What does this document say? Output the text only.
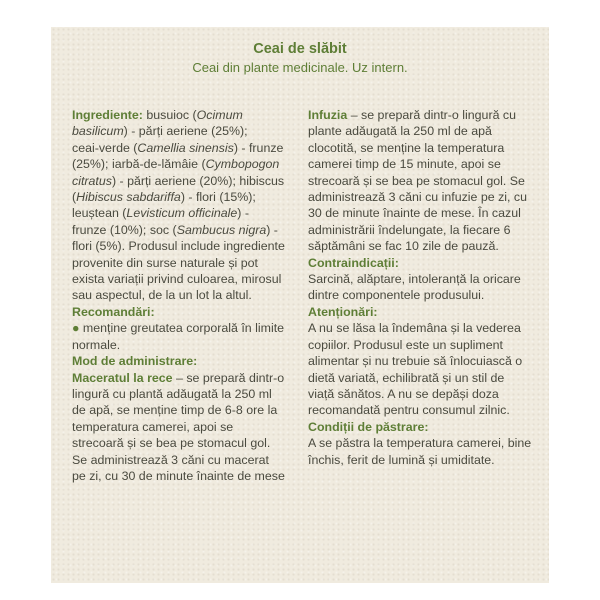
Ceai de slăbit
Ceai din plante medicinale. Uz intern.

Ingrediente: busuioc (Ocimum basilicum) - părți aeriene (25%);
ceai-verde (Camellia sinensis) - frunze (25%); iarbă-de-lămâie (Cymbopogon citratus) - părți aeriene (20%); hibiscus (Hibiscus sabdariffa) - flori (15%);
leuștean (Levisticum officinale) - frunze (10%); soc (Sambucus nigra) - flori (5%). Produsul include ingrediente provenite din surse naturale și pot exista variații privind culoarea, mirosul sau aspectul, de la un lot la altul.

Recomandări:

● menține greutatea corporală în limite normale.

Mod de administrare:

Maceratul la rece – se prepară dintr-o lingură cu plantă adăugată la 250 ml de apă, se menține timp de 6-8 ore la temperatura camerei, apoi se strecoară și se bea pe stomacul gol. Se administrează 3 căni cu macerat pe zi, cu 30 de minute înainte de mese

Infuzia – se prepară dintr-o lingură cu plante adăugată la 250 ml de apă clocotită, se menține la temperatura camerei timp de 15 minute, apoi se strecoară și se bea pe stomacul gol. Se administrează 3 căni cu infuzie pe zi, cu 30 de minute înainte de mese. În cazul administrării îndelungate, la fiecare 6 săptămâni se fac 10 zile de pauză.

Contraindicații:

Sarcină, alăptare, intoleranță la oricare dintre componentele produsului.

Atenționări:

A nu se lăsa la îndemâna și la vederea copiilor. Produsul este un supliment alimentar și nu trebuie să înlocuiască o dietă variată, echilibrată și un stil de viață sănătos. A nu se depăși doza recomandată pentru consumul zilnic.

Condiții de păstrare:

A se păstra la temperatura camerei, bine închis, ferit de lumină și umiditate.
